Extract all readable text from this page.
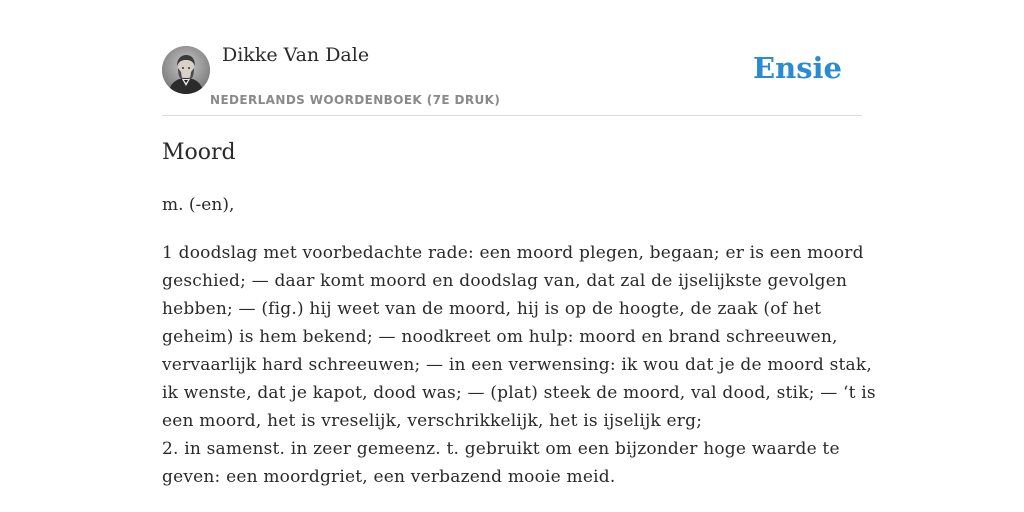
Dikke Van Dale
NEDERLANDS WOORDENBOEK (7E DRUK)
Ensie
Moord

m. (-en),

1 doodslag met voorbedachte rade: een moord plegen, begaan; er is een moord
geschied; — daar komt moord en doodslag van, dat zal de ijselijkste gevolgen
hebben; — (fig.) hij weet van de moord, hij is op de hoogte, de zaak (of het
geheim) is hem bekend; — noodkreet om hulp: moord en brand schreeuwen,
vervaarlijk hard schreeuwen; — in een verwensing: ik wou dat je de moord stak,
ik wenste, dat je kapot, dood was; — (plat) steek de moord, val dood, stik; — ‘t is
een moord, het is vreselijk, verschrikkelijk, het is ijselijk erg;
2. in samenst. in zeer gemeenz. t. gebruikt om een bijzonder hoge waarde te
geven: een moordgriet, een verbazend mooie meid.
